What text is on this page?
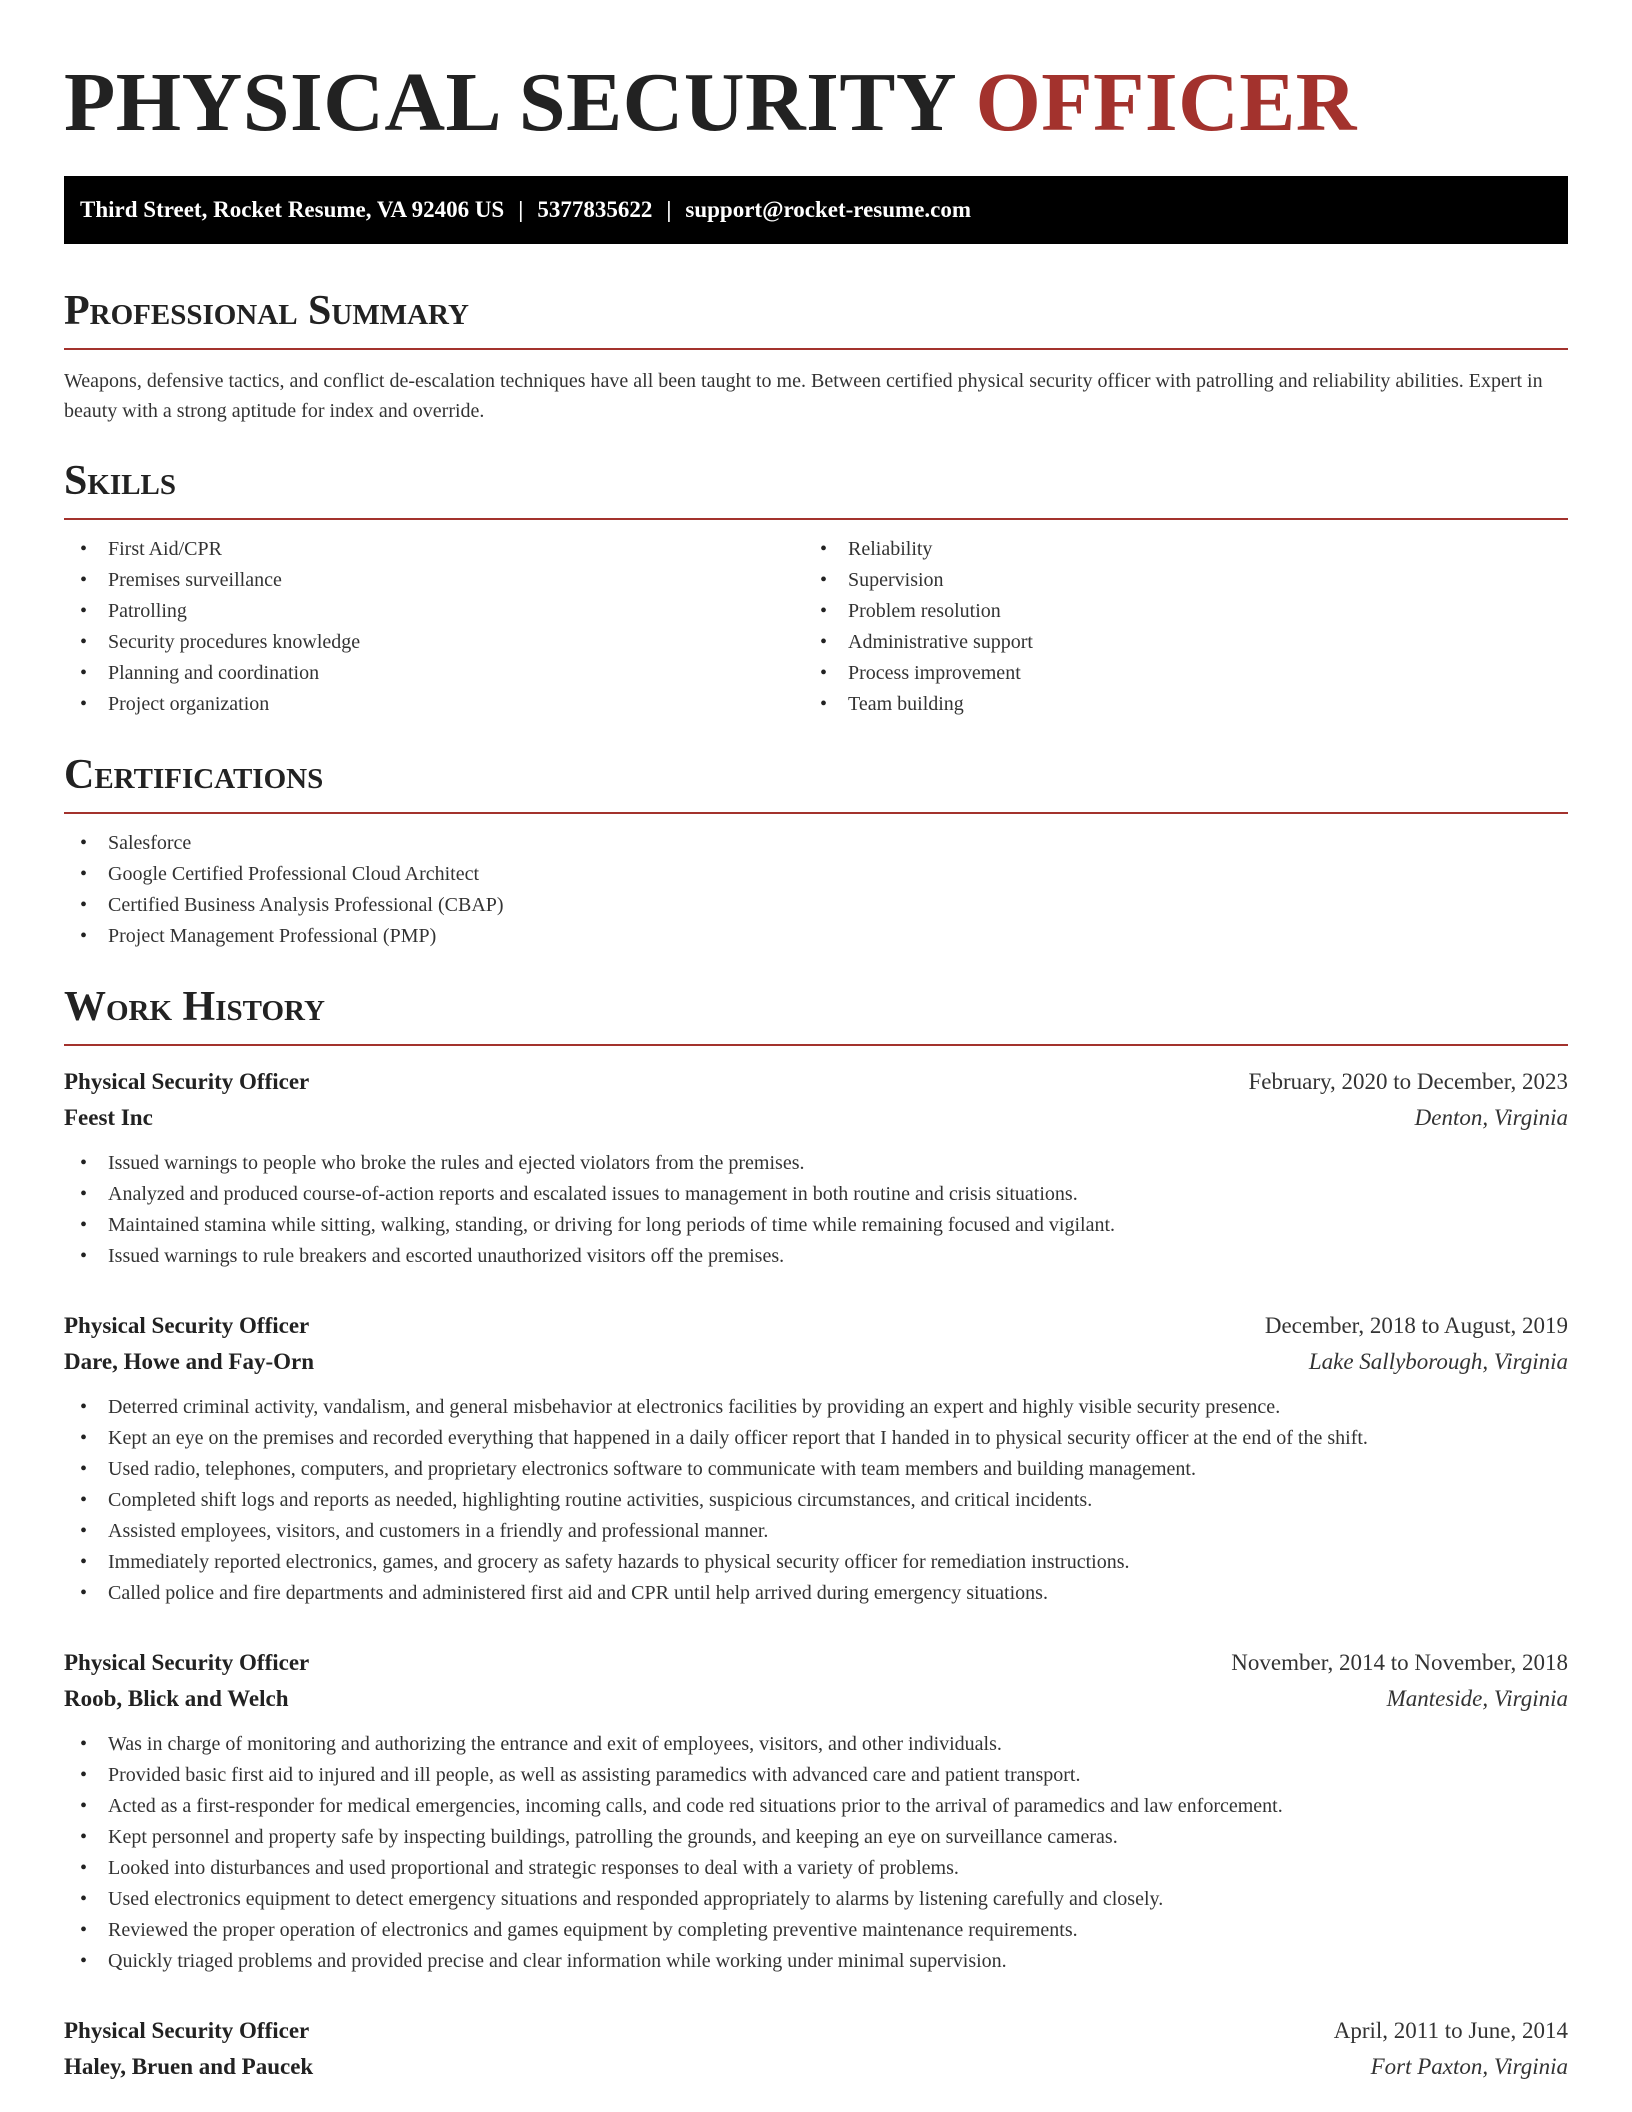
PHYSICAL SECURITY OFFICER
Third Street, Rocket Resume, VA 92406 US | 5377835622 | support@rocket-resume.com
Professional Summary

Weapons, defensive tactics, and conflict de-escalation techniques have all been taught to me. Between certified physical security officer with patrolling and reliability abilities. Expert in beauty with a strong aptitude for index and override.

Skills
• First Aid/CPR
• Premises surveillance
• Patrolling
• Security procedures knowledge
• Planning and coordination
• Project organization
• Reliability
• Supervision
• Problem resolution
• Administrative support
• Process improvement
• Team building
Certifications
• Salesforce
• Google Certified Professional Cloud Architect
• Certified Business Analysis Professional (CBAP)
• Project Management Professional (PMP)
Work History
Physical Security Officer	February, 2020 to December, 2023
Feest Inc	Denton, Virginia
• Issued warnings to people who broke the rules and ejected violators from the premises.
• Analyzed and produced course-of-action reports and escalated issues to management in both routine and crisis situations.
• Maintained stamina while sitting, walking, standing, or driving for long periods of time while remaining focused and vigilant.
• Issued warnings to rule breakers and escorted unauthorized visitors off the premises.
Physical Security Officer	December, 2018 to August, 2019
Dare, Howe and Fay-Orn	Lake Sallyborough, Virginia
• Deterred criminal activity, vandalism, and general misbehavior at electronics facilities by providing an expert and highly visible security presence.
• Kept an eye on the premises and recorded everything that happened in a daily officer report that I handed in to physical security officer at the end of the shift.
• Used radio, telephones, computers, and proprietary electronics software to communicate with team members and building management.
• Completed shift logs and reports as needed, highlighting routine activities, suspicious circumstances, and critical incidents.
• Assisted employees, visitors, and customers in a friendly and professional manner.
• Immediately reported electronics, games, and grocery as safety hazards to physical security officer for remediation instructions.
• Called police and fire departments and administered first aid and CPR until help arrived during emergency situations.
Physical Security Officer	November, 2014 to November, 2018
Roob, Blick and Welch	Manteside, Virginia
• Was in charge of monitoring and authorizing the entrance and exit of employees, visitors, and other individuals.
• Provided basic first aid to injured and ill people, as well as assisting paramedics with advanced care and patient transport.
• Acted as a first-responder for medical emergencies, incoming calls, and code red situations prior to the arrival of paramedics and law enforcement.
• Kept personnel and property safe by inspecting buildings, patrolling the grounds, and keeping an eye on surveillance cameras.
• Looked into disturbances and used proportional and strategic responses to deal with a variety of problems.
• Used electronics equipment to detect emergency situations and responded appropriately to alarms by listening carefully and closely.
• Reviewed the proper operation of electronics and games equipment by completing preventive maintenance requirements.
• Quickly triaged problems and provided precise and clear information while working under minimal supervision.
Physical Security Officer	April, 2011 to June, 2014
Haley, Bruen and Paucek	Fort Paxton, Virginia
